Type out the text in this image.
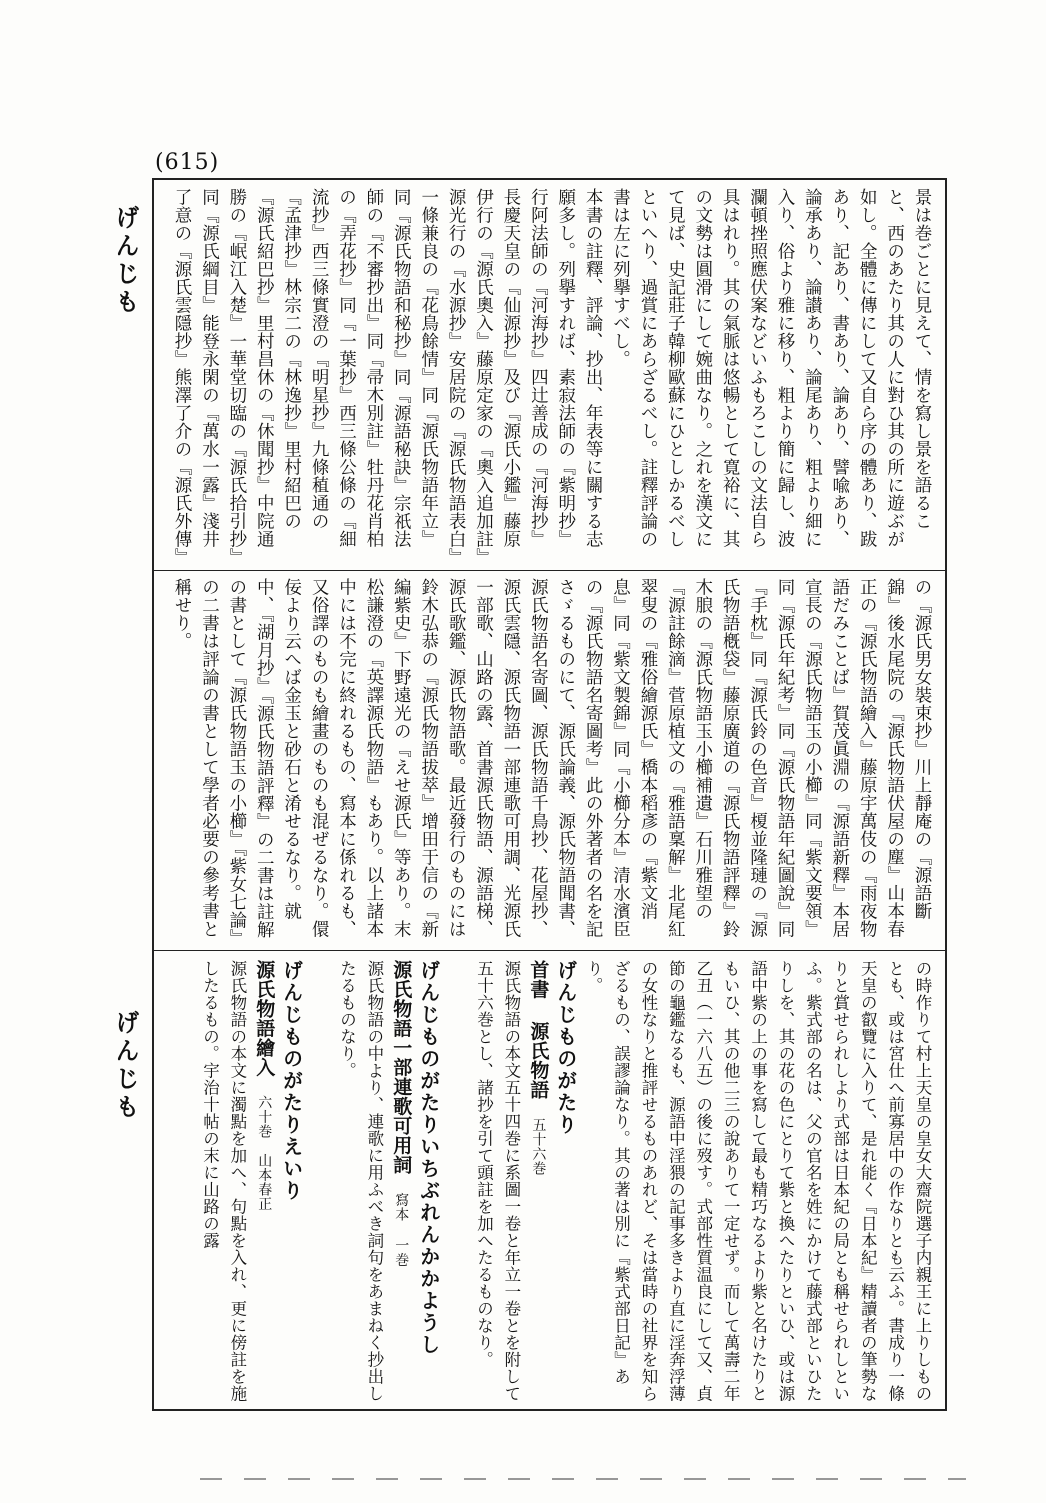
(615)
げんじも
げんじも
景は巻ごとに見えて、情を寫し景を語ること、西のあたり其の人に對ひ其の所に遊ぶが如し。全體に傳にして又自ら序の體あり、跋あり、記あり、書あり、論あり、譬喩あり、論承あり、論讃あり、論尾あり、粗より細に入り、俗より雅に移り、粗より簡に歸し、波瀾頓挫照應伏案などいふもろこしの文法自ら具はれり。其の氣脈は悠暢として寛裕に、其の文勢は圓滑にして婉曲なり。之れを漢文にて見ば、史記莊子韓柳歐蘇にひとしかるべしといへり、過賞にあらざるべし。註釋評論の書は左に列擧すべし。
本書の註釋、評論、抄出、年表等に關する志願多し。列擧すれば、素寂法師の『紫明抄』行阿法師の『河海抄』四辻善成の『河海抄』長慶天皇の『仙源抄』及び『源氏小鑑』藤原伊行の『源氏奧入』藤原定家の『奧入追加註』源光行の『水源抄』安居院の『源氏物語表白』一條兼良の『花鳥餘情』同『源氏物語年立』同『源氏物語和秘抄』同『源語秘訣』宗祇法師の『不審抄出』同『帚木別註』牡丹花肖柏の『弄花抄』同『一葉抄』西三條公條の『細流抄』西三條實澄の『明星抄』九條稙通の『孟津抄』林宗二の『林逸抄』里村紹巴の『源氏紹巴抄』里村昌休の『休聞抄』中院通勝の『岷江入楚』一華堂切臨の『源氏拾引抄』同『源氏綱目』能登永閑の『萬水一露』淺井了意の『源氏雲隱抄』熊澤了介の『源氏外傳』
の『源氏男女裝束抄』川上靜庵の『源語斷錦』後水尾院の『源氏物語伏屋の塵』山本春正の『源氏物語繪入』藤原宇萬伎の『雨夜物語だみことば』賀茂眞淵の『源語新釋』本居宣長の『源氏物語玉の小櫛』同『紫文要領』同『源氏年紀考』同『源氏物語年紀圖說』同『手枕』同『源氏鈴の色音』榎並隆璉の『源氏物語槪袋』藤原廣道の『源氏物語評釋』鈴木朖の『源氏物語玉小櫛補遺』石川雅望の『源註餘滴』菅原植文の『雅語稟解』北尾紅翠叟の『雅俗繪源氏』橋本稻彥の『紫文消息』同『紫文製錦』同『小櫛分本』清水濱臣の『源氏物語名寄圖考』此の外著者の名を記さゞるものにて、源氏論義、源氏物語聞書、源氏物語名寄圖、源氏物語千鳥抄、花屋抄、源氏雲隱、源氏物語一部連歌可用調、光源氏一部歌、山路の露、首書源氏物語、源語梯、源氏歌鑑、源氏物語歌。最近發行のものには鈴木弘恭の『源氏物語拔萃』增田于信の『新編紫史』下野遠光の『えせ源氏』等あり。末松謙澄の『英譯源氏物語』もあり。以上諸本中には不完に終れるもの、寫本に係れるも、又俗譯のものも繪畫のものも混ぜるなり。儇佞より云へば金玉と砂石と淆せるなり。就中、『湖月抄』『源氏物語評釋』の二書は註解の書として『源氏物語玉の小櫛』『紫女七論』の二書は評論の書として學者必要の參考書と稱せり。

の時作りて村上天皇の皇女大齋院選子内親王に上りしものとも、或は宮仕へ前寡居中の作なりとも云ふ。書成り一條天皇の叡覽に入りて、是れ能く『日本紀』精讀者の筆勢なりと賞せられしより式部は日本紀の局とも稱せられしといふ。紫式部の名は、父の官名を姓にかけて藤式部といひたりしを、其の花の色にとりて紫と換へたりといひ、或は源語中紫の上の事を寫して最も精巧なるより紫と名けたりともいひ、其の他二三の說ありて一定せず。而して萬壽二年乙丑（一六八五）の後に歿す。式部性質温良にして又、貞節の龜鑑なるも、源語中淫猥の記事多きより直に淫奔浮薄の女性なりと推評せるものあれど、そは當時の社界を知らざるもの、誤謬論なり。其の著は別に『紫式部日記』あり。

げんじものがたり
首書 源氏物語　五十六巻
源氏物語の本文五十四巻に系圖一卷と年立一卷とを附して五十六巻とし、諸抄を引て頭註を加へたるものなり。

げんじものがたりいちぶれんかかようし
源氏物語一部連歌可用詞　寫本 一巻
源氏物語の中より、連歌に用ふべき詞句をあまねく抄出したるものなり。

げんじものがたりえいり
源氏物語繪入　六十巻　山本春正
源氏物語の本文に濁點を加へ、句點を入れ、更に傍註を施したるもの。宇治十帖の末に山路の露
